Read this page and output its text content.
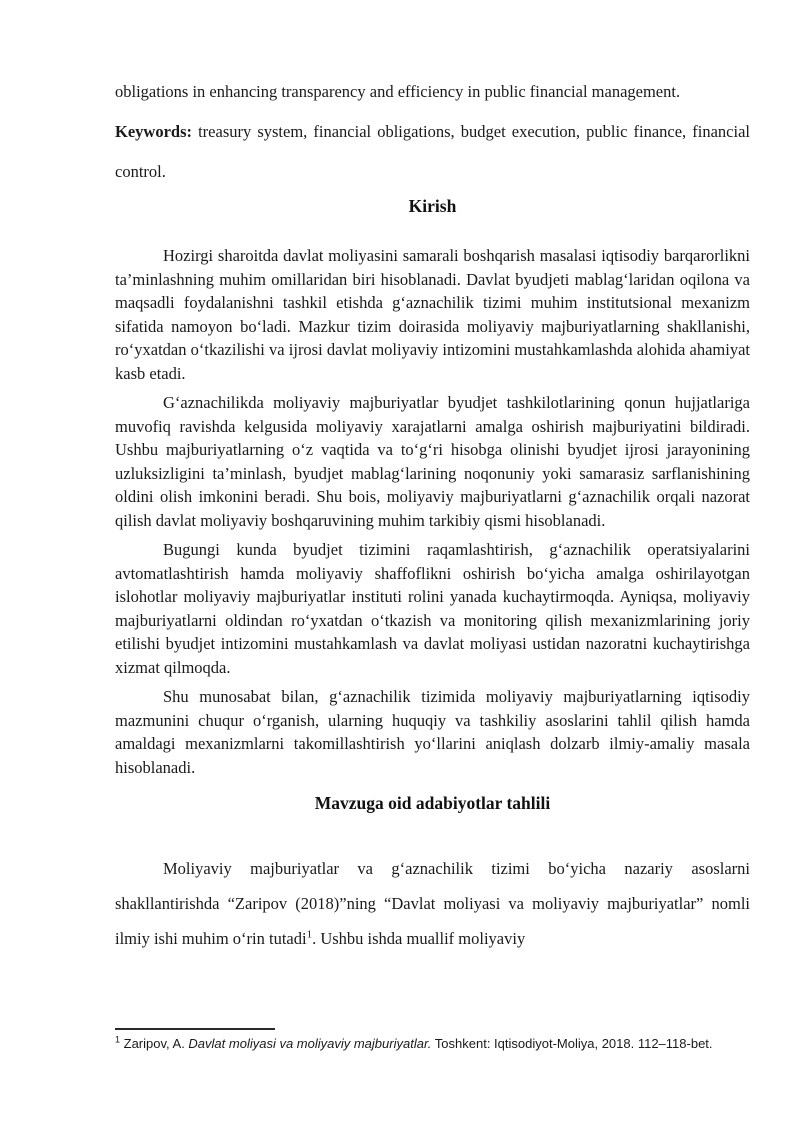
obligations in enhancing transparency and efficiency in public financial management.

Keywords: treasury system, financial obligations, budget execution, public finance, financial control.

Kirish

Hozirgi sharoitda davlat moliyasini samarali boshqarish masalasi iqtisodiy barqarorlikni ta’minlashning muhim omillaridan biri hisoblanadi. Davlat byudjeti mablag‘laridan oqilona va maqsadli foydalanishni tashkil etishda g‘aznachilik tizimi muhim institutsional mexanizm sifatida namoyon bo‘ladi. Mazkur tizim doirasida moliyaviy majburiyatlarning shakllanishi, ro‘yxatdan o‘tkazilishi va ijrosi davlat moliyaviy intizomini mustahkamlashda alohida ahamiyat kasb etadi.

G‘aznachilikda moliyaviy majburiyatlar byudjet tashkilotlarining qonun hujjatlariga muvofiq ravishda kelgusida moliyaviy xarajatlarni amalga oshirish majburiyatini bildiradi. Ushbu majburiyatlarning o‘z vaqtida va to‘g‘ri hisobga olinishi byudjet ijrosi jarayonining uzluksizligini ta’minlash, byudjet mablag‘larining noqonuniy yoki samarasiz sarflanishining oldini olish imkonini beradi. Shu bois, moliyaviy majburiyatlarni g‘aznachilik orqali nazorat qilish davlat moliyaviy boshqaruvining muhim tarkibiy qismi hisoblanadi.

Bugungi kunda byudjet tizimini raqamlashtirish, g‘aznachilik operatsiyalarini avtomatlashtirish hamda moliyaviy shaffoflikni oshirish bo‘yicha amalga oshirilayotgan islohotlar moliyaviy majburiyatlar instituti rolini yanada kuchaytirmoqda. Ayniqsa, moliyaviy majburiyatlarni oldindan ro‘yxatdan o‘tkazish va monitoring qilish mexanizmlarining joriy etilishi byudjet intizomini mustahkamlash va davlat moliyasi ustidan nazoratni kuchaytirishga xizmat qilmoqda.

Shu munosabat bilan, g‘aznachilik tizimida moliyaviy majburiyatlarning iqtisodiy mazmunini chuqur o‘rganish, ularning huquqiy va tashkiliy asoslarini tahlil qilish hamda amaldagi mexanizmlarni takomillashtirish yo‘llarini aniqlash dolzarb ilmiy-amaliy masala hisoblanadi.

Mavzuga oid adabiyotlar tahlili

Moliyaviy majburiyatlar va g‘aznachilik tizimi bo‘yicha nazariy asoslarni shakllantirishda “Zaripov (2018)”ning “Davlat moliyasi va moliyaviy majburiyatlar” nomli ilmiy ishi muhim o‘rin tutadi$^1$. Ushbu ishda muallif moliyaviy

$^1$ Zaripov, A. Davlat moliyasi va moliyaviy majburiyatlar. Toshkent: Iqtisodiyot-Moliya, 2018. 112–118-bet.
